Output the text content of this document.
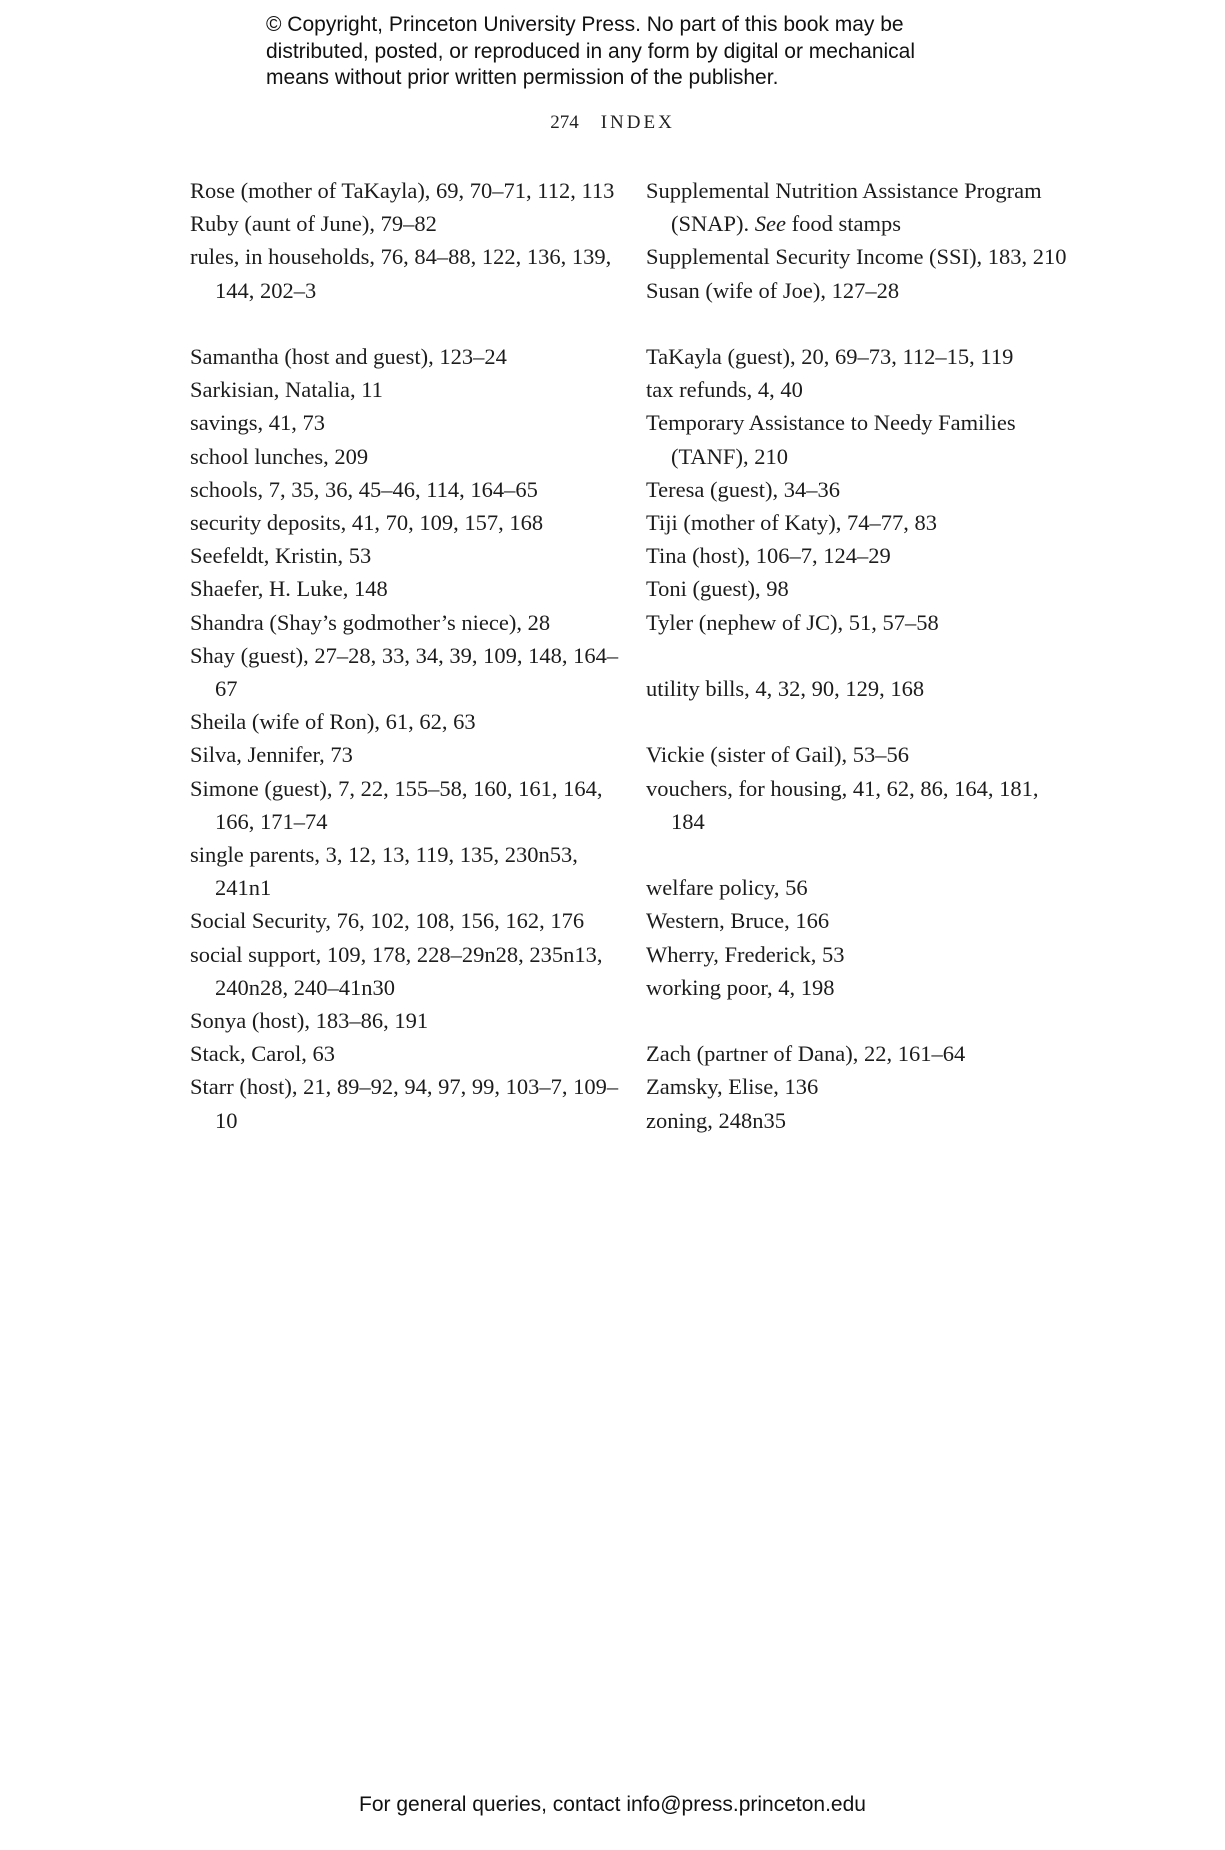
© Copyright, Princeton University Press. No part of this book may be
distributed, posted, or reproduced in any form by digital or mechanical
means without prior written permission of the publisher.
274 INDEX
Rose (mother of TaKayla), 69, 70–71, 112, 113
Ruby (aunt of June), 79–82
rules, in households, 76, 84–88, 122, 136, 139, 144, 202–3
Samantha (host and guest), 123–24
Sarkisian, Natalia, 11
savings, 41, 73
school lunches, 209
schools, 7, 35, 36, 45–46, 114, 164–65
security deposits, 41, 70, 109, 157, 168
Seefeldt, Kristin, 53
Shaefer, H. Luke, 148
Shandra (Shay’s godmother’s niece), 28
Shay (guest), 27–28, 33, 34, 39, 109, 148, 164–67
Sheila (wife of Ron), 61, 62, 63
Silva, Jennifer, 73
Simone (guest), 7, 22, 155–58, 160, 161, 164, 166, 171–74
single parents, 3, 12, 13, 119, 135, 230n53, 241n1
Social Security, 76, 102, 108, 156, 162, 176
social support, 109, 178, 228–29n28, 235n13, 240n28, 240–41n30
Sonya (host), 183–86, 191
Stack, Carol, 63
Starr (host), 21, 89–92, 94, 97, 99, 103–7, 109–10
Supplemental Nutrition Assistance Program (SNAP). See food stamps
Supplemental Security Income (SSI), 183, 210
Susan (wife of Joe), 127–28
TaKayla (guest), 20, 69–73, 112–15, 119
tax refunds, 4, 40
Temporary Assistance to Needy Families (TANF), 210
Teresa (guest), 34–36
Tiji (mother of Katy), 74–77, 83
Tina (host), 106–7, 124–29
Toni (guest), 98
Tyler (nephew of JC), 51, 57–58
utility bills, 4, 32, 90, 129, 168
Vickie (sister of Gail), 53–56
vouchers, for housing, 41, 62, 86, 164, 181, 184
welfare policy, 56
Western, Bruce, 166
Wherry, Frederick, 53
working poor, 4, 198
Zach (partner of Dana), 22, 161–64
Zamsky, Elise, 136
zoning, 248n35
For general queries, contact info@press.princeton.edu
